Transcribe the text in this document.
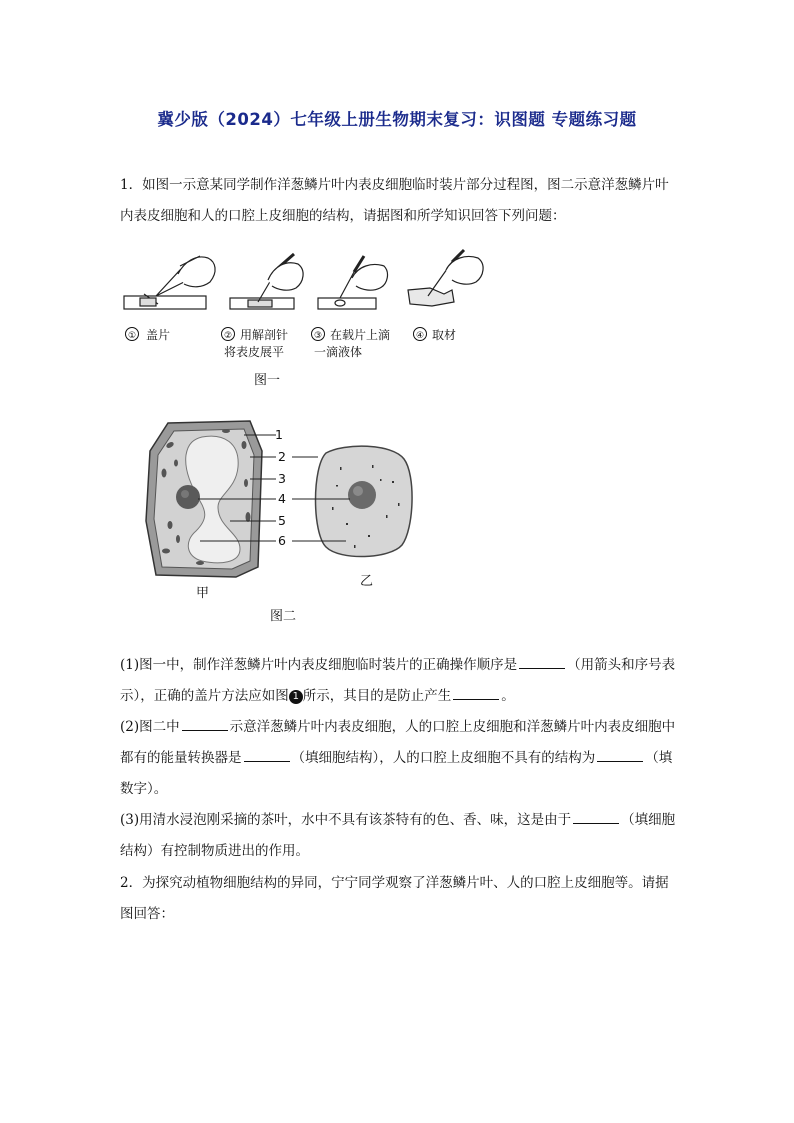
冀少版（2024）七年级上册生物期末复习：识图题 专题练习题

1．如图一示意某同学制作洋葱鳞片叶内表皮细胞临时装片部分过程图，图二示意洋葱鳞片叶内表皮细胞和人的口腔上皮细胞的结构，请据图和所学知识回答下列问题：

① 盖片	② 用解剖针
将表皮展平
③ 在载片上滴
一滴液体
④ 取材
图一
1
2
3
4
5
6
甲
乙
图二

(1)图一中，制作洋葱鳞片叶内表皮细胞临时装片的正确操作顺序是	（用箭头和序号表示），正确的盖片方法应如图 1 所示，其目的是防止产生	。

(2)图二中	示意洋葱鳞片叶内表皮细胞，人的口腔上皮细胞和洋葱鳞片叶内表皮细胞中都有的能量转换器是	（填细胞结构），人的口腔上皮细胞不具有的结构为	（填数字）。

(3)用清水浸泡刚采摘的茶叶，水中不具有该茶特有的色、香、味，这是由于	（填细胞结构）有控制物质进出的作用。

2．为探究动植物细胞结构的异同，宁宁同学观察了洋葱鳞片叶、人的口腔上皮细胞等。请据图回答：
